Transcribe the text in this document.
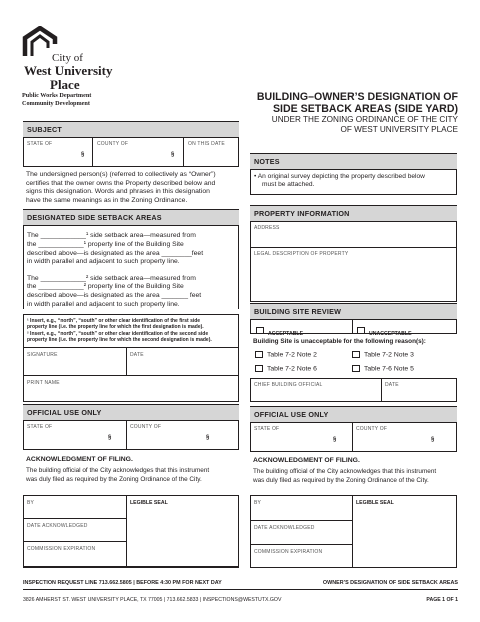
City of
West University
Place
Public Works Department
Community Development	BUILDING–OWNER’S DESIGNATION OF
SIDE SETBACK AREAS (SIDE YARD)
UNDER THE ZONING ORDINANCE OF THE CITY
OF WEST UNIVERSITY PLACE
SUBJECT
STATE OF	COUNTY OF	ON THIS DATE
§	§
The undersigned person(s) (referred to collectively as “Owner”)
certifies that the owner owns the Property described below and
signs this designation. Words and phrases in this designation
have the same meanings as in the Zoning Ordinance.
DESIGNATED SIDE SETBACK AREAS
The ____________¹ side setback area—measured from
the ____________¹ property line of the Building Site
described above—is designated as the area ________feet
in width parallel and adjacent to such property line.
The ____________² side setback area—measured from
the ____________² property line of the Building Site
described above—is designated as the area _______ feet
in width parallel and adjacent to such property line.
¹ Insert, e.g., “north”, “south” or other clear identification of the first side
property line (i.e. the property line for which the first designation is made).
² Insert, e.g., “north”, “south” or other clear identification of the second side
property line (i.e. the property line for which the second designation is made).
SIGNATURE	DATE
PRINT NAME
OFFICIAL USE ONLY
STATE OF	COUNTY OF
§	§
ACKNOWLEDGMENT OF FILING.
The building official of the City acknowledges that this instrument
was duly filed as required by the Zoning Ordinance of the City.
BY	LEGIBLE SEAL
DATE ACKNOWLEDGED
COMMISSION EXPIRATION
NOTES
• An original survey depicting the property described below
must be attached.
PROPERTY INFORMATION
ADDRESS
LEGAL DESCRIPTION OF PROPERTY
BUILDING SITE REVIEW
ACCEPTABLE	UNACCEPTABLE
Building Site is unacceptable for the following reason(s):
Table 7-2 Note 2	Table 7-2 Note 3
Table 7-2 Note 6	Table 7-6 Note 5
CHIEF BUILDING OFFICIAL	DATE
OFFICIAL USE ONLY
STATE OF	COUNTY OF
§	§
ACKNOWLEDGMENT OF FILING.
The building official of the City acknowledges that this instrument
was duly filed as required by the Zoning Ordinance of the City.
BY	LEGIBLE SEAL
DATE ACKNOWLEDGED
COMMISSION EXPIRATION
INSPECTION REQUEST LINE 713.662.5805 | BEFORE 4:30 PM FOR NEXT DAY	OWNER’S DESIGNATION OF SIDE SETBACK AREAS
3826 AMHERST ST. WEST UNIVERSITY PLACE, TX 77005 | 713.662.5833 | INSPECTIONS@WESTUTX.GOV	PAGE 1 OF 1
